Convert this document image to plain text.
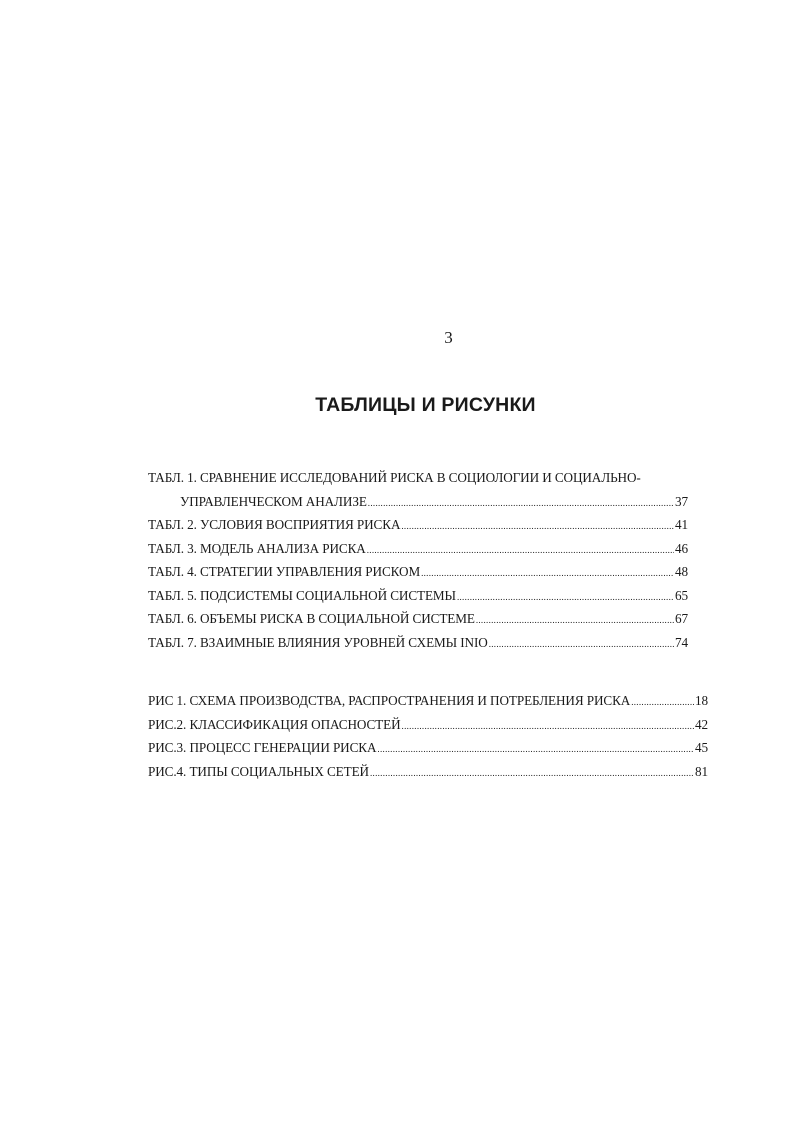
3
ТАБЛИЦЫ И РИСУНКИ
ТАБЛ. 1. СРАВНЕНИЕ ИССЛЕДОВАНИЙ РИСКА В СОЦИОЛОГИИ И СОЦИАЛЬНО-
УПРАВЛЕНЧЕСКОМ АНАЛИЗЕ .....	37
ТАБЛ. 2. УСЛОВИЯ ВОСПРИЯТИЯ РИСКА .....	41
ТАБЛ. 3. МОДЕЛЬ АНАЛИЗА РИСКА .....	46
ТАБЛ. 4. СТРАТЕГИИ УПРАВЛЕНИЯ РИСКОМ .....	48
ТАБЛ. 5. ПОДСИСТЕМЫ СОЦИАЛЬНОЙ СИСТЕМЫ .....	65
ТАБЛ. 6. ОБЪЕМЫ РИСКА В СОЦИАЛЬНОЙ СИСТЕМЕ .....	67
ТАБЛ. 7. ВЗАИМНЫЕ ВЛИЯНИЯ УРОВНЕЙ СХЕМЫ INIO .....	74
РИС 1. СХЕМА ПРОИЗВОДСТВА, РАСПРОСТРАНЕНИЯ И ПОТРЕБЛЕНИЯ РИСКА .....	18
РИС.2. КЛАССИФИКАЦИЯ ОПАСНОСТЕЙ .....	42
РИС.3. ПРОЦЕСС ГЕНЕРАЦИИ РИСКА .....	45
РИС.4. ТИПЫ СОЦИАЛЬНЫХ СЕТЕЙ .....	81
